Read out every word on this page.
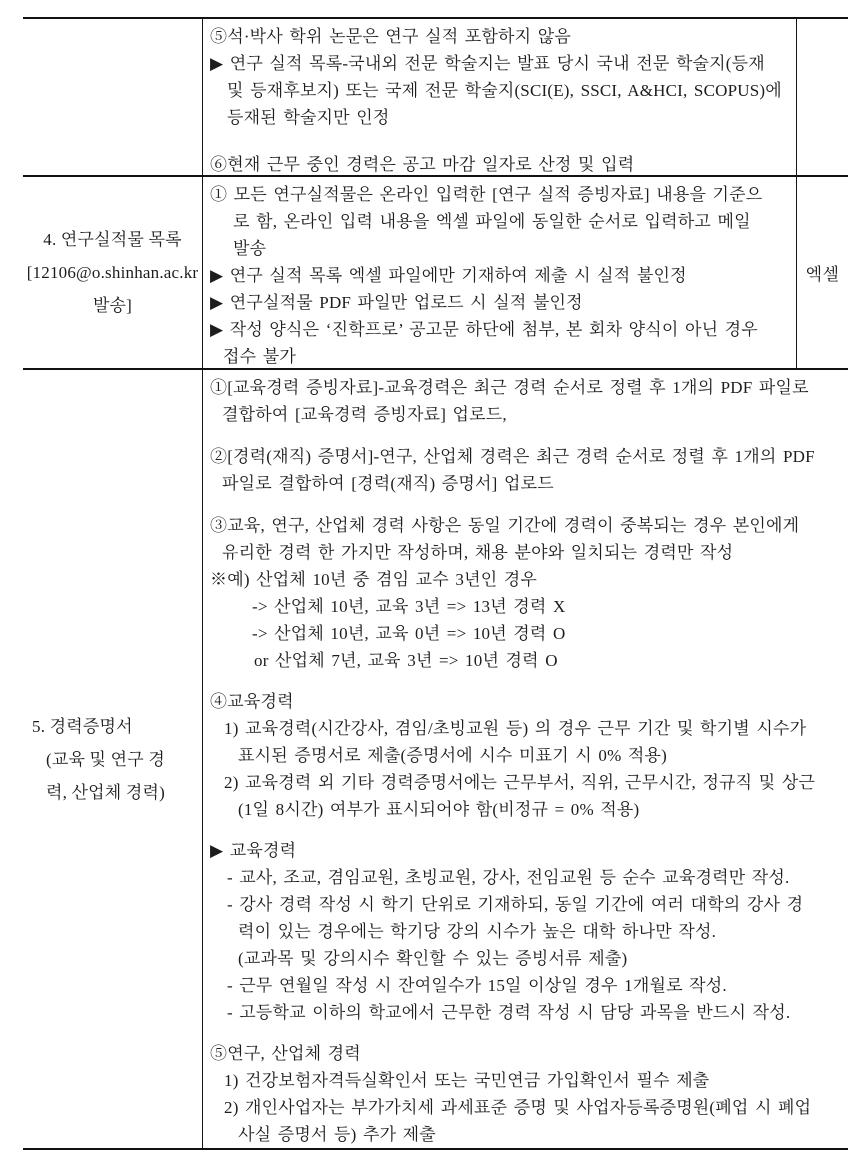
⑤석·박사 학위 논문은 연구 실적 포함하지 않음
▶ 연구 실적 목록-국내외 전문 학술지는 발표 당시 국내 전문 학술지(등재
및 등재후보지) 또는 국제 전문 학술지(SCI(E), SSCI, A&HCI, SCOPUS)에
등재된 학술지만 인정
⑥현재 근무 중인 경력은 공고 마감 일자로 산정 및 입력
4. 연구실적물 목록
[12106@o.shinhan.ac.kr
발송]
① 모든 연구실적물은 온라인 입력한 [연구 실적 증빙자료] 내용을 기준으
로 함, 온라인 입력 내용을 엑셀 파일에 동일한 순서로 입력하고 메일
발송
▶ 연구 실적 목록 엑셀 파일에만 기재하여 제출 시 실적 불인정
▶ 연구실적물 PDF 파일만 업로드 시 실적 불인정
▶ 작성 양식은 ‘진학프로’ 공고문 하단에 첨부, 본 회차 양식이 아닌 경우
접수 불가
엑셀
5. 경력증명서
(교육 및 연구 경
력, 산업체 경력)
①[교육경력 증빙자료]-교육경력은 최근 경력 순서로 정렬 후 1개의 PDF 파일로
결합하여 [교육경력 증빙자료] 업로드,
②[경력(재직) 증명서]-연구, 산업체 경력은 최근 경력 순서로 정렬 후 1개의 PDF
파일로 결합하여 [경력(재직) 증명서] 업로드
③교육, 연구, 산업체 경력 사항은 동일 기간에 경력이 중복되는 경우 본인에게
유리한 경력 한 가지만 작성하며, 채용 분야와 일치되는 경력만 작성
※예) 산업체 10년 중 겸임 교수 3년인 경우
-> 산업체 10년, 교육 3년 => 13년 경력 X
-> 산업체 10년, 교육 0년 => 10년 경력 O
or 산업체 7년, 교육 3년 => 10년 경력 O
④교육경력
1) 교육경력(시간강사, 겸임/초빙교원 등) 의 경우 근무 기간 및 학기별 시수가
표시된 증명서로 제출(증명서에 시수 미표기 시 0% 적용)
2) 교육경력 외 기타 경력증명서에는 근무부서, 직위, 근무시간, 정규직 및 상근
(1일 8시간) 여부가 표시되어야 함(비정규 = 0% 적용)
▶ 교육경력
- 교사, 조교, 겸임교원, 초빙교원, 강사, 전임교원 등 순수 교육경력만 작성.
- 강사 경력 작성 시 학기 단위로 기재하되, 동일 기간에 여러 대학의 강사 경
력이 있는 경우에는 학기당 강의 시수가 높은 대학 하나만 작성.
(교과목 및 강의시수 확인할 수 있는 증빙서류 제출)
- 근무 연월일 작성 시 잔여일수가 15일 이상일 경우 1개월로 작성.
- 고등학교 이하의 학교에서 근무한 경력 작성 시 담당 과목을 반드시 작성.
⑤연구, 산업체 경력
1) 건강보험자격득실확인서 또는 국민연금 가입확인서 필수 제출
2) 개인사업자는 부가가치세 과세표준 증명 및 사업자등록증명원(폐업 시 폐업
사실 증명서 등) 추가 제출
